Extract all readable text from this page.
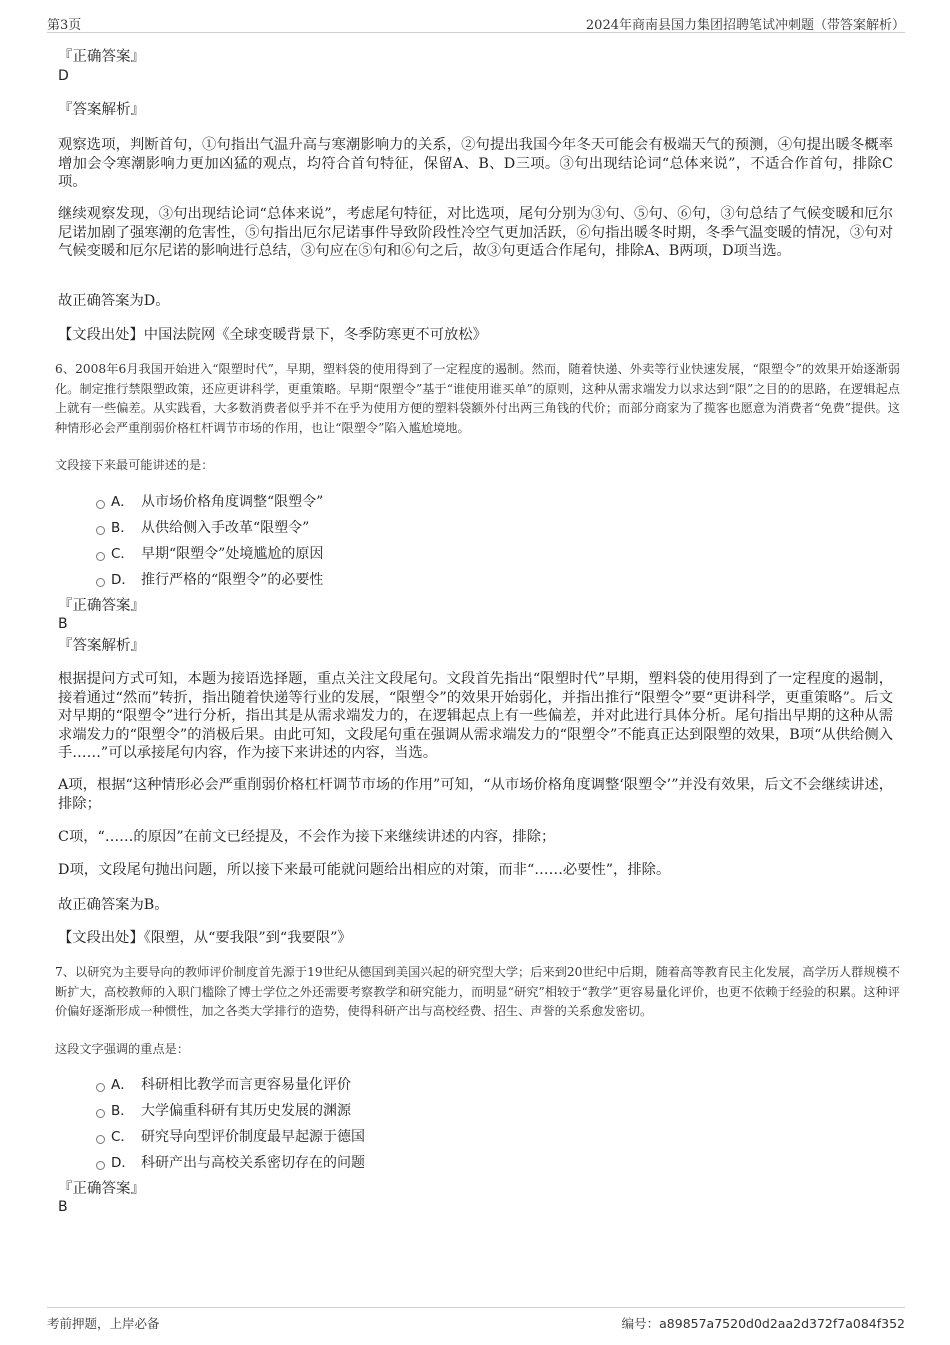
第3页	2024年商南县国力集团招聘笔试冲刺题（带答案解析）
『正确答案』
D
『答案解析』

观察选项，判断首句，①句指出气温升高与寒潮影响力的关系，②句提出我国今年冬天可能会有极端天气的预测，④句提出暖冬概率增加会令寒潮影响力更加凶猛的观点，均符合首句特征，保留A、B、D三项。③句出现结论词“总体来说”，不适合作首句，排除C项。

继续观察发现，③句出现结论词“总体来说”，考虑尾句特征，对比选项，尾句分别为③句、⑤句、⑥句，③句总结了气候变暖和厄尔尼诺加剧了强寒潮的危害性，⑤句指出厄尔尼诺事件导致阶段性冷空气更加活跃，⑥句指出暖冬时期，冬季气温变暖的情况，③句对气候变暖和厄尔尼诺的影响进行总结，③句应在⑤句和⑥句之后，故③句更适合作尾句，排除A、B两项，D项当选。

故正确答案为D。

【文段出处】中国法院网《全球变暖背景下，冬季防寒更不可放松》

6、2008年6月我国开始进入“限塑时代”，早期，塑料袋的使用得到了一定程度的遏制。然而，随着快递、外卖等行业快速发展，“限塑令”的效果开始逐渐弱化。制定推行禁限塑政策，还应更讲科学，更重策略。早期“限塑令”基于“谁使用谁买单”的原则，这种从需求端发力以求达到“限”之目的的思路，在逻辑起点上就有一些偏差。从实践看，大多数消费者似乎并不在乎为使用方便的塑料袋额外付出两三角钱的代价；而部分商家为了揽客也愿意为消费者“免费”提供。这种情形必会严重削弱价格杠杆调节市场的作用，也让“限塑令”陷入尴尬境地。

文段接下来最可能讲述的是：
A． 从市场价格角度调整“限塑令”
B． 从供给侧入手改革“限塑令”
C． 早期“限塑令”处境尴尬的原因
D． 推行严格的“限塑令”的必要性
『正确答案』
B
『答案解析』

根据提问方式可知，本题为接语选择题，重点关注文段尾句。文段首先指出“限塑时代”早期，塑料袋的使用得到了一定程度的遏制，接着通过“然而”转折，指出随着快递等行业的发展，“限塑令”的效果开始弱化，并指出推行“限塑令”要“更讲科学，更重策略”。后文对早期的“限塑令”进行分析，指出其是从需求端发力的，在逻辑起点上有一些偏差，并对此进行具体分析。尾句指出早期的这种从需求端发力的“限塑令”的消极后果。由此可知，文段尾句重在强调从需求端发力的“限塑令”不能真正达到限塑的效果，B项“从供给侧入手……”可以承接尾句内容，作为接下来讲述的内容，当选。

A项，根据“这种情形必会严重削弱价格杠杆调节市场的作用”可知，“从市场价格角度调整‘限塑令’”并没有效果，后文不会继续讲述，排除；

C项，“……的原因”在前文已经提及，不会作为接下来继续讲述的内容，排除；

D项，文段尾句抛出问题，所以接下来最可能就问题给出相应的对策，而非“……必要性”，排除。

故正确答案为B。

【文段出处】《限塑，从“要我限”到“我要限”》

7、以研究为主要导向的教师评价制度首先源于19世纪从德国到美国兴起的研究型大学；后来到20世纪中后期，随着高等教育民主化发展，高学历人群规模不断扩大，高校教师的入职门槛除了博士学位之外还需要考察教学和研究能力，而明显“研究”相较于“教学”更容易量化评价，也更不依赖于经验的积累。这种评价偏好逐渐形成一种惯性，加之各类大学排行的造势，使得科研产出与高校经费、招生、声誉的关系愈发密切。

这段文字强调的重点是：
A． 科研相比教学而言更容易量化评价
B． 大学偏重科研有其历史发展的渊源
C． 研究导向型评价制度最早起源于德国
D． 科研产出与高校关系密切存在的问题
『正确答案』
B
考前押题，上岸必备	编号：a89857a7520d0d2aa2d372f7a084f352
